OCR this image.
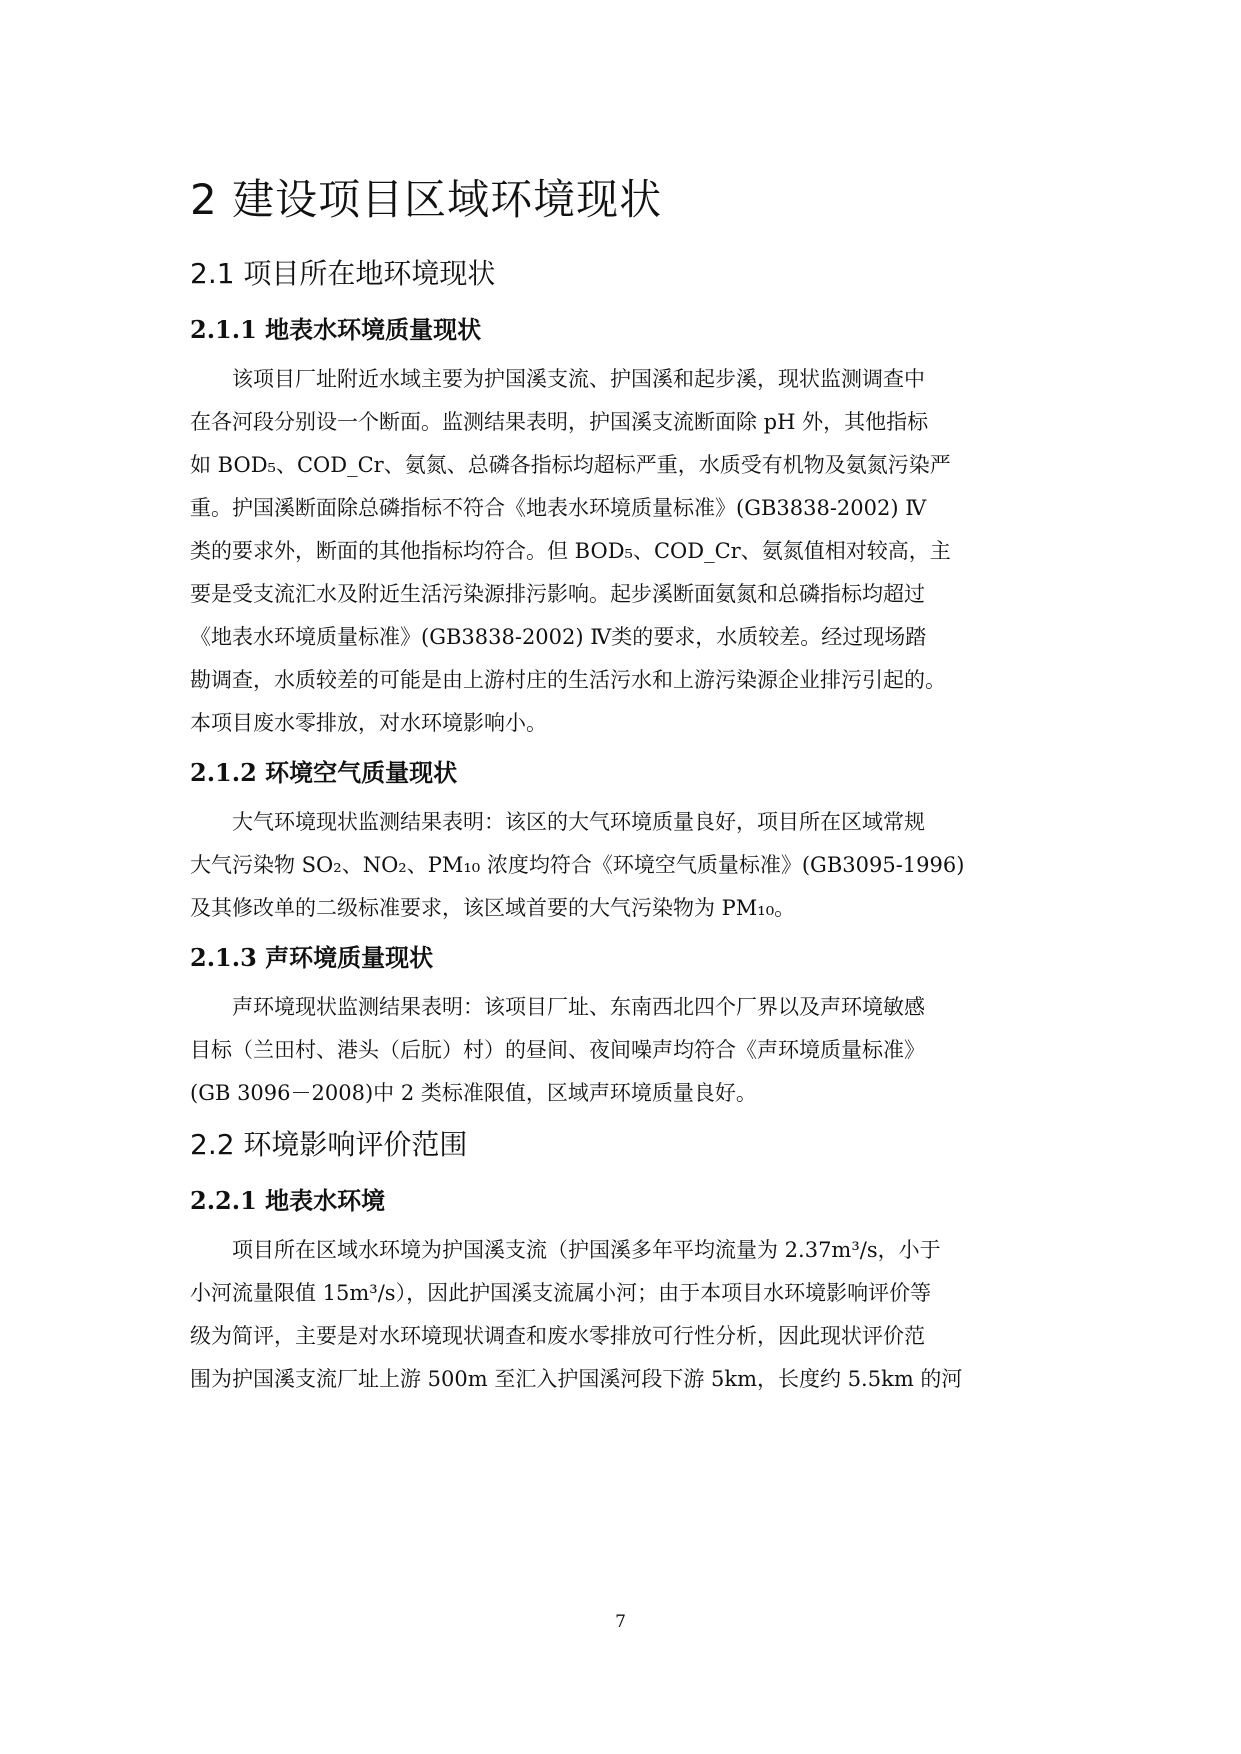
2 建设项目区域环境现状
2.1 项目所在地环境现状
2.1.1 地表水环境质量现状
该项目厂址附近水域主要为护国溪支流、护国溪和起步溪，现状监测调查中
在各河段分别设一个断面。监测结果表明，护国溪支流断面除 pH 外，其他指标
如 BOD₅、COD_Cr、氨氮、总磷各指标均超标严重，水质受有机物及氨氮污染严
重。护国溪断面除总磷指标不符合《地表水环境质量标准》(GB3838-2002) Ⅳ
类的要求外，断面的其他指标均符合。但 BOD₅、COD_Cr、氨氮值相对较高，主
要是受支流汇水及附近生活污染源排污影响。起步溪断面氨氮和总磷指标均超过
《地表水环境质量标准》(GB3838-2002) Ⅳ类的要求，水质较差。经过现场踏
勘调查，水质较差的可能是由上游村庄的生活污水和上游污染源企业排污引起的。
本项目废水零排放，对水环境影响小。
2.1.2 环境空气质量现状
大气环境现状监测结果表明：该区的大气环境质量良好，项目所在区域常规
大气污染物 SO₂、NO₂、PM₁₀ 浓度均符合《环境空气质量标准》(GB3095-1996)
及其修改单的二级标准要求，该区域首要的大气污染物为 PM₁₀。
2.1.3 声环境质量现状
声环境现状监测结果表明：该项目厂址、东南西北四个厂界以及声环境敏感
目标（兰田村、港头（后朊）村）的昼间、夜间噪声均符合《声环境质量标准》
(GB 3096－2008)中 2 类标准限值，区域声环境质量良好。
2.2 环境影响评价范围
2.2.1 地表水环境
项目所在区域水环境为护国溪支流（护国溪多年平均流量为 2.37m³/s，小于
小河流量限值 15m³/s），因此护国溪支流属小河；由于本项目水环境影响评价等
级为简评，主要是对水环境现状调查和废水零排放可行性分析，因此现状评价范
围为护国溪支流厂址上游 500m 至汇入护国溪河段下游 5km，长度约 5.5km 的河
7
